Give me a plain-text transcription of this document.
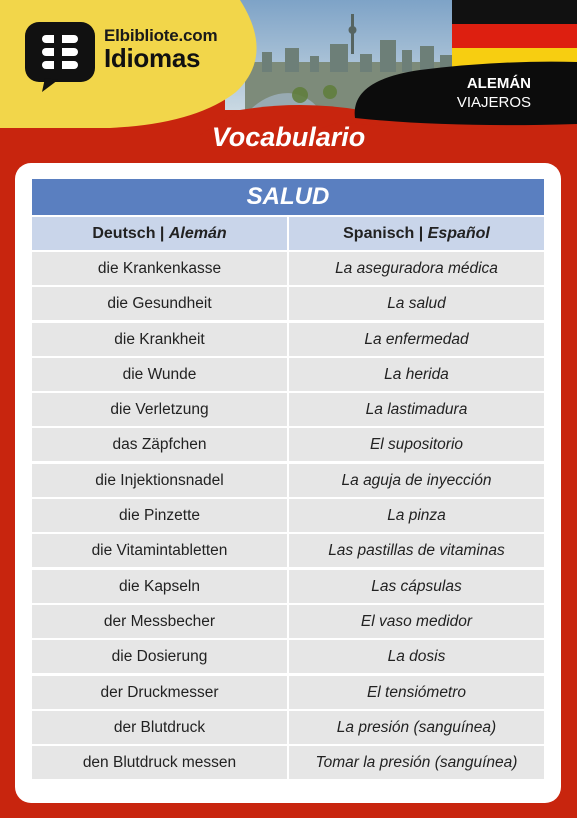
Elbibliote.com
Idiomas
ALEMÁN
VIAJEROS
Vocabulario
SALUD
Deutsch | Alemán	Spanisch | Español
die Krankenkasse	La aseguradora médica
die Gesundheit	La salud
die Krankheit	La enfermedad
die Wunde	La herida
die Verletzung	La lastimadura
das Zäpfchen	El supositorio
die Injektionsnadel	La aguja de inyección
die Pinzette	La pinza
die Vitamintabletten	Las pastillas de vitaminas
die Kapseln	Las cápsulas
der Messbecher	El vaso medidor
die Dosierung	La dosis
der Druckmesser	El tensiómetro
der Blutdruck	La presión (sanguínea)
den Blutdruck messen	Tomar la presión (sanguínea)
